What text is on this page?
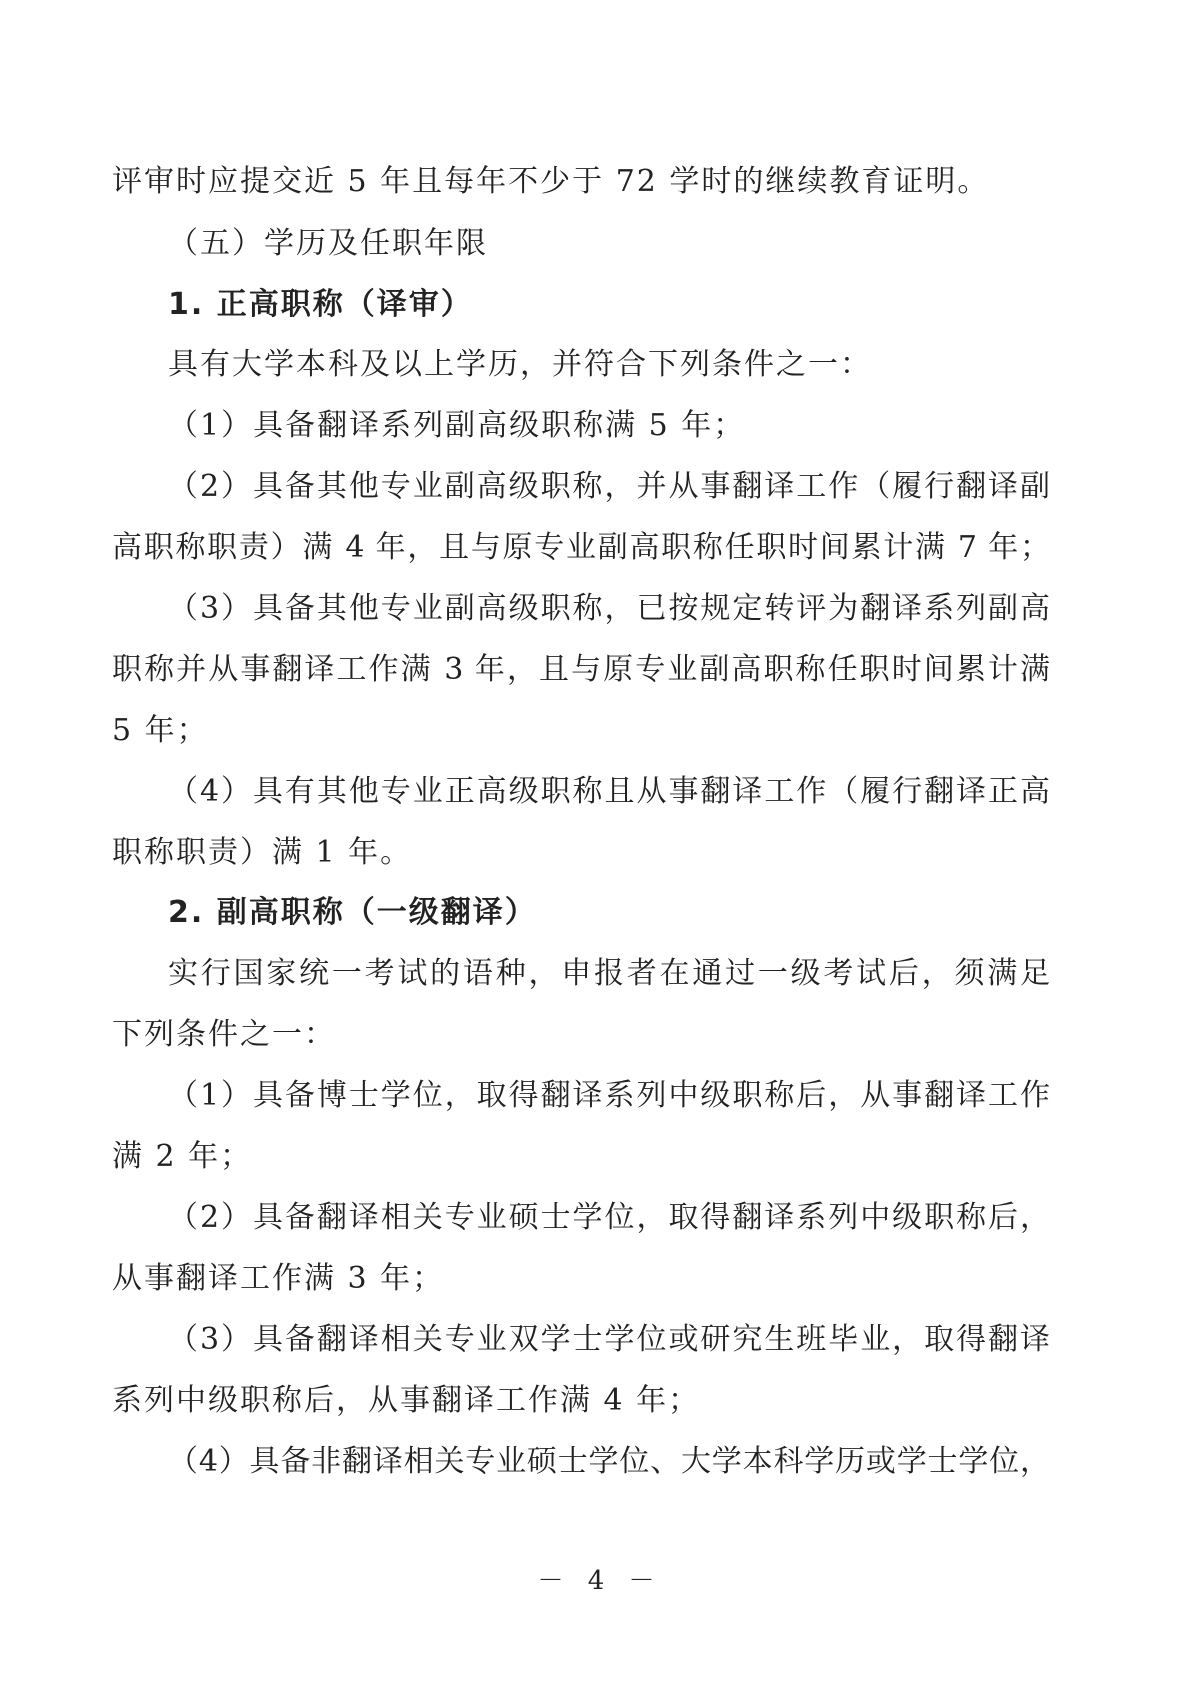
评审时应提交近 5 年且每年不少于 72 学时的继续教育证明。

（五）学历及任职年限

1. 正高职称（译审）

具有大学本科及以上学历，并符合下列条件之一：

（1）具备翻译系列副高级职称满 5 年；

（2）具备其他专业副高级职称，并从事翻译工作（履行翻译副

高职称职责）满 4 年，且与原专业副高职称任职时间累计满 7 年；

（3）具备其他专业副高级职称，已按规定转评为翻译系列副高

职称并从事翻译工作满 3 年，且与原专业副高职称任职时间累计满

5 年；

（4）具有其他专业正高级职称且从事翻译工作（履行翻译正高

职称职责）满 1 年。

2. 副高职称（一级翻译）

实行国家统一考试的语种，申报者在通过一级考试后，须满足

下列条件之一：

（1）具备博士学位，取得翻译系列中级职称后，从事翻译工作

满 2 年；

（2）具备翻译相关专业硕士学位，取得翻译系列中级职称后，

从事翻译工作满 3 年；

（3）具备翻译相关专业双学士学位或研究生班毕业，取得翻译

系列中级职称后，从事翻译工作满 4 年；

（4）具备非翻译相关专业硕士学位、大学本科学历或学士学位，

－ 4 －
